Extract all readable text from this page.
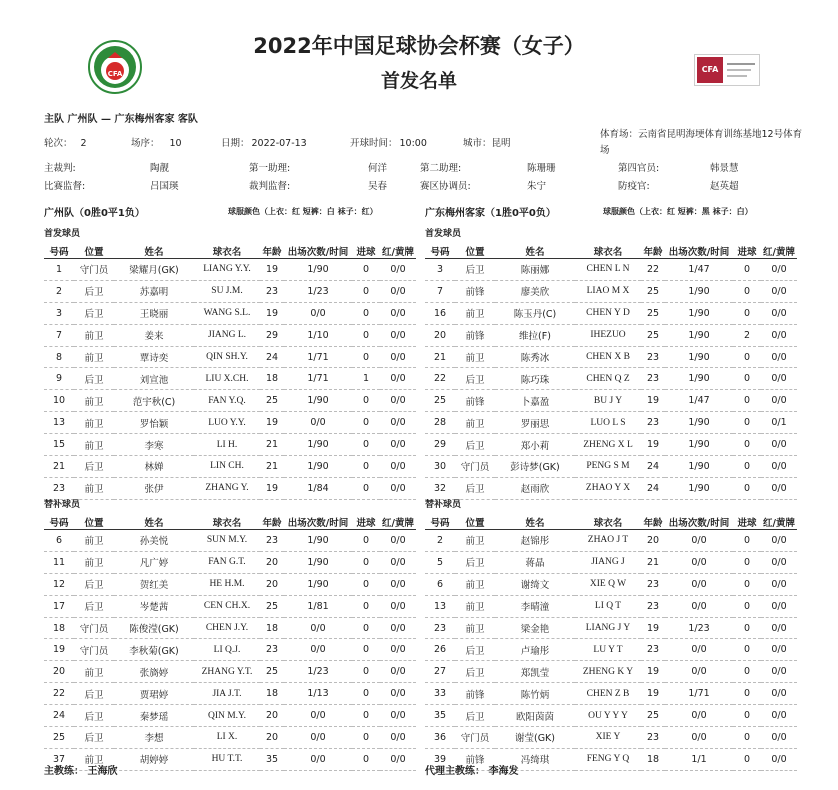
2022年中国足球协会杯赛（女子）
首发名单
CFA	CFA
主队 广州队 — 广东梅州客家 客队
轮次： 2	场序： 10	日期： 2022-07-13	开球时间： 10:00	城市：昆明
体育场：云南省昆明海埂体育训练基地12号体育场
主裁判:	陶靓	第一助理:	何洋	第二助理:	陈珊珊	第四官员:	韩景慧
比赛监督:	吕国瑛	裁判监督:	吴春	赛区协调员:	朱宁	防疫官:	赵英超
广州队（0胜0平1负）	球服颜色（上衣：红 短裤：白 袜子：红）	广东梅州客家（1胜0平0负）	球服颜色（上衣：红 短裤：黑 袜子：白）
首发球员	首发球员
号码	位置	姓名	球衣名	年龄	出场次数/时间	进球	红/黄牌
1	守门员	梁耀月(GK)	LIANG Y.Y.	19	1/90	0	0/0
2	后卫	苏嘉明	SU J.M.	23	1/23	0	0/0
3	后卫	王晓丽	WANG S.L.	19	0/0	0	0/0
7	前卫	姜来	JIANG L.	29	1/10	0	0/0
8	前卫	覃诗奕	QIN SH.Y.	24	1/71	0	0/0
9	后卫	刘宣池	LIU X.CH.	18	1/71	1	0/0
10	前卫	范宇秋(C)	FAN Y.Q.	25	1/90	0	0/0
13	前卫	罗怡颖	LUO Y.Y.	19	0/0	0	0/0
15	前卫	李寒	LI H.	21	1/90	0	0/0
21	后卫	林婵	LIN CH.	21	1/90	0	0/0
23	前卫	张伊	ZHANG Y.	19	1/84	0	0/0
号码	位置	姓名	球衣名	年龄	出场次数/时间	进球	红/黄牌
3	后卫	陈丽娜	CHEN L N	22	1/47	0	0/0
7	前锋	廖美欣	LIAO M X	25	1/90	0	0/0
16	前卫	陈玉丹(C)	CHEN Y D	25	1/90	0	0/0
20	前锋	维拉(F)	IHEZUO	25	1/90	2	0/0
21	前卫	陈秀冰	CHEN X B	23	1/90	0	0/0
22	后卫	陈巧珠	CHEN Q Z	23	1/90	0	0/0
25	前锋	卜嘉盈	BU J Y	19	1/47	0	0/0
28	前卫	罗丽思	LUO L S	23	1/90	0	0/1
29	后卫	郑小莉	ZHENG X L	19	1/90	0	0/0
30	守门员	彭诗梦(GK)	PENG S M	24	1/90	0	0/0
32	后卫	赵雨欣	ZHAO Y X	24	1/90	0	0/0
替补球员	替补球员
号码	位置	姓名	球衣名	年龄	出场次数/时间	进球	红/黄牌
6	前卫	孙美悦	SUN M.Y.	23	1/90	0	0/0
11	前卫	凡广婷	FAN G.T.	20	1/90	0	0/0
12	后卫	贺红美	HE H.M.	20	1/90	0	0/0
17	后卫	岑楚茜	CEN CH.X.	25	1/81	0	0/0
18	守门员	陈俊滢(GK)	CHEN J.Y.	18	0/0	0	0/0
19	守门员	李秋菊(GK)	LI Q.J.	23	0/0	0	0/0
20	前卫	张旖婷	ZHANG Y.T.	25	1/23	0	0/0
22	后卫	贾珺婷	JIA J.T.	18	1/13	0	0/0
24	后卫	秦梦瑶	QIN M.Y.	20	0/0	0	0/0
25	后卫	李想	LI X.	20	0/0	0	0/0
37	前卫	胡婷婷	HU T.T.	35	0/0	0	0/0
号码	位置	姓名	球衣名	年龄	出场次数/时间	进球	红/黄牌
2	前卫	赵锦彤	ZHAO J T	20	0/0	0	0/0
5	后卫	蒋晶	JIANG J	21	0/0	0	0/0
6	前卫	谢绮文	XIE Q W	23	0/0	0	0/0
13	前卫	李晴潼	LI Q T	23	0/0	0	0/0
23	前卫	梁金艳	LIANG J Y	19	1/23	0	0/0
26	后卫	卢瑜彤	LU Y T	23	0/0	0	0/0
27	后卫	郑凯莹	ZHENG K Y	19	0/0	0	0/0
33	前锋	陈竹炳	CHEN Z B	19	1/71	0	0/0
35	后卫	欧阳茵茵	OU Y Y Y	25	0/0	0	0/0
36	守门员	谢莹(GK)	XIE Y	23	0/0	0	0/0
39	前锋	冯绮琪	FENG Y Q	18	1/1	0	0/0
主教练： 王海欣	代理主教练： 李海发
